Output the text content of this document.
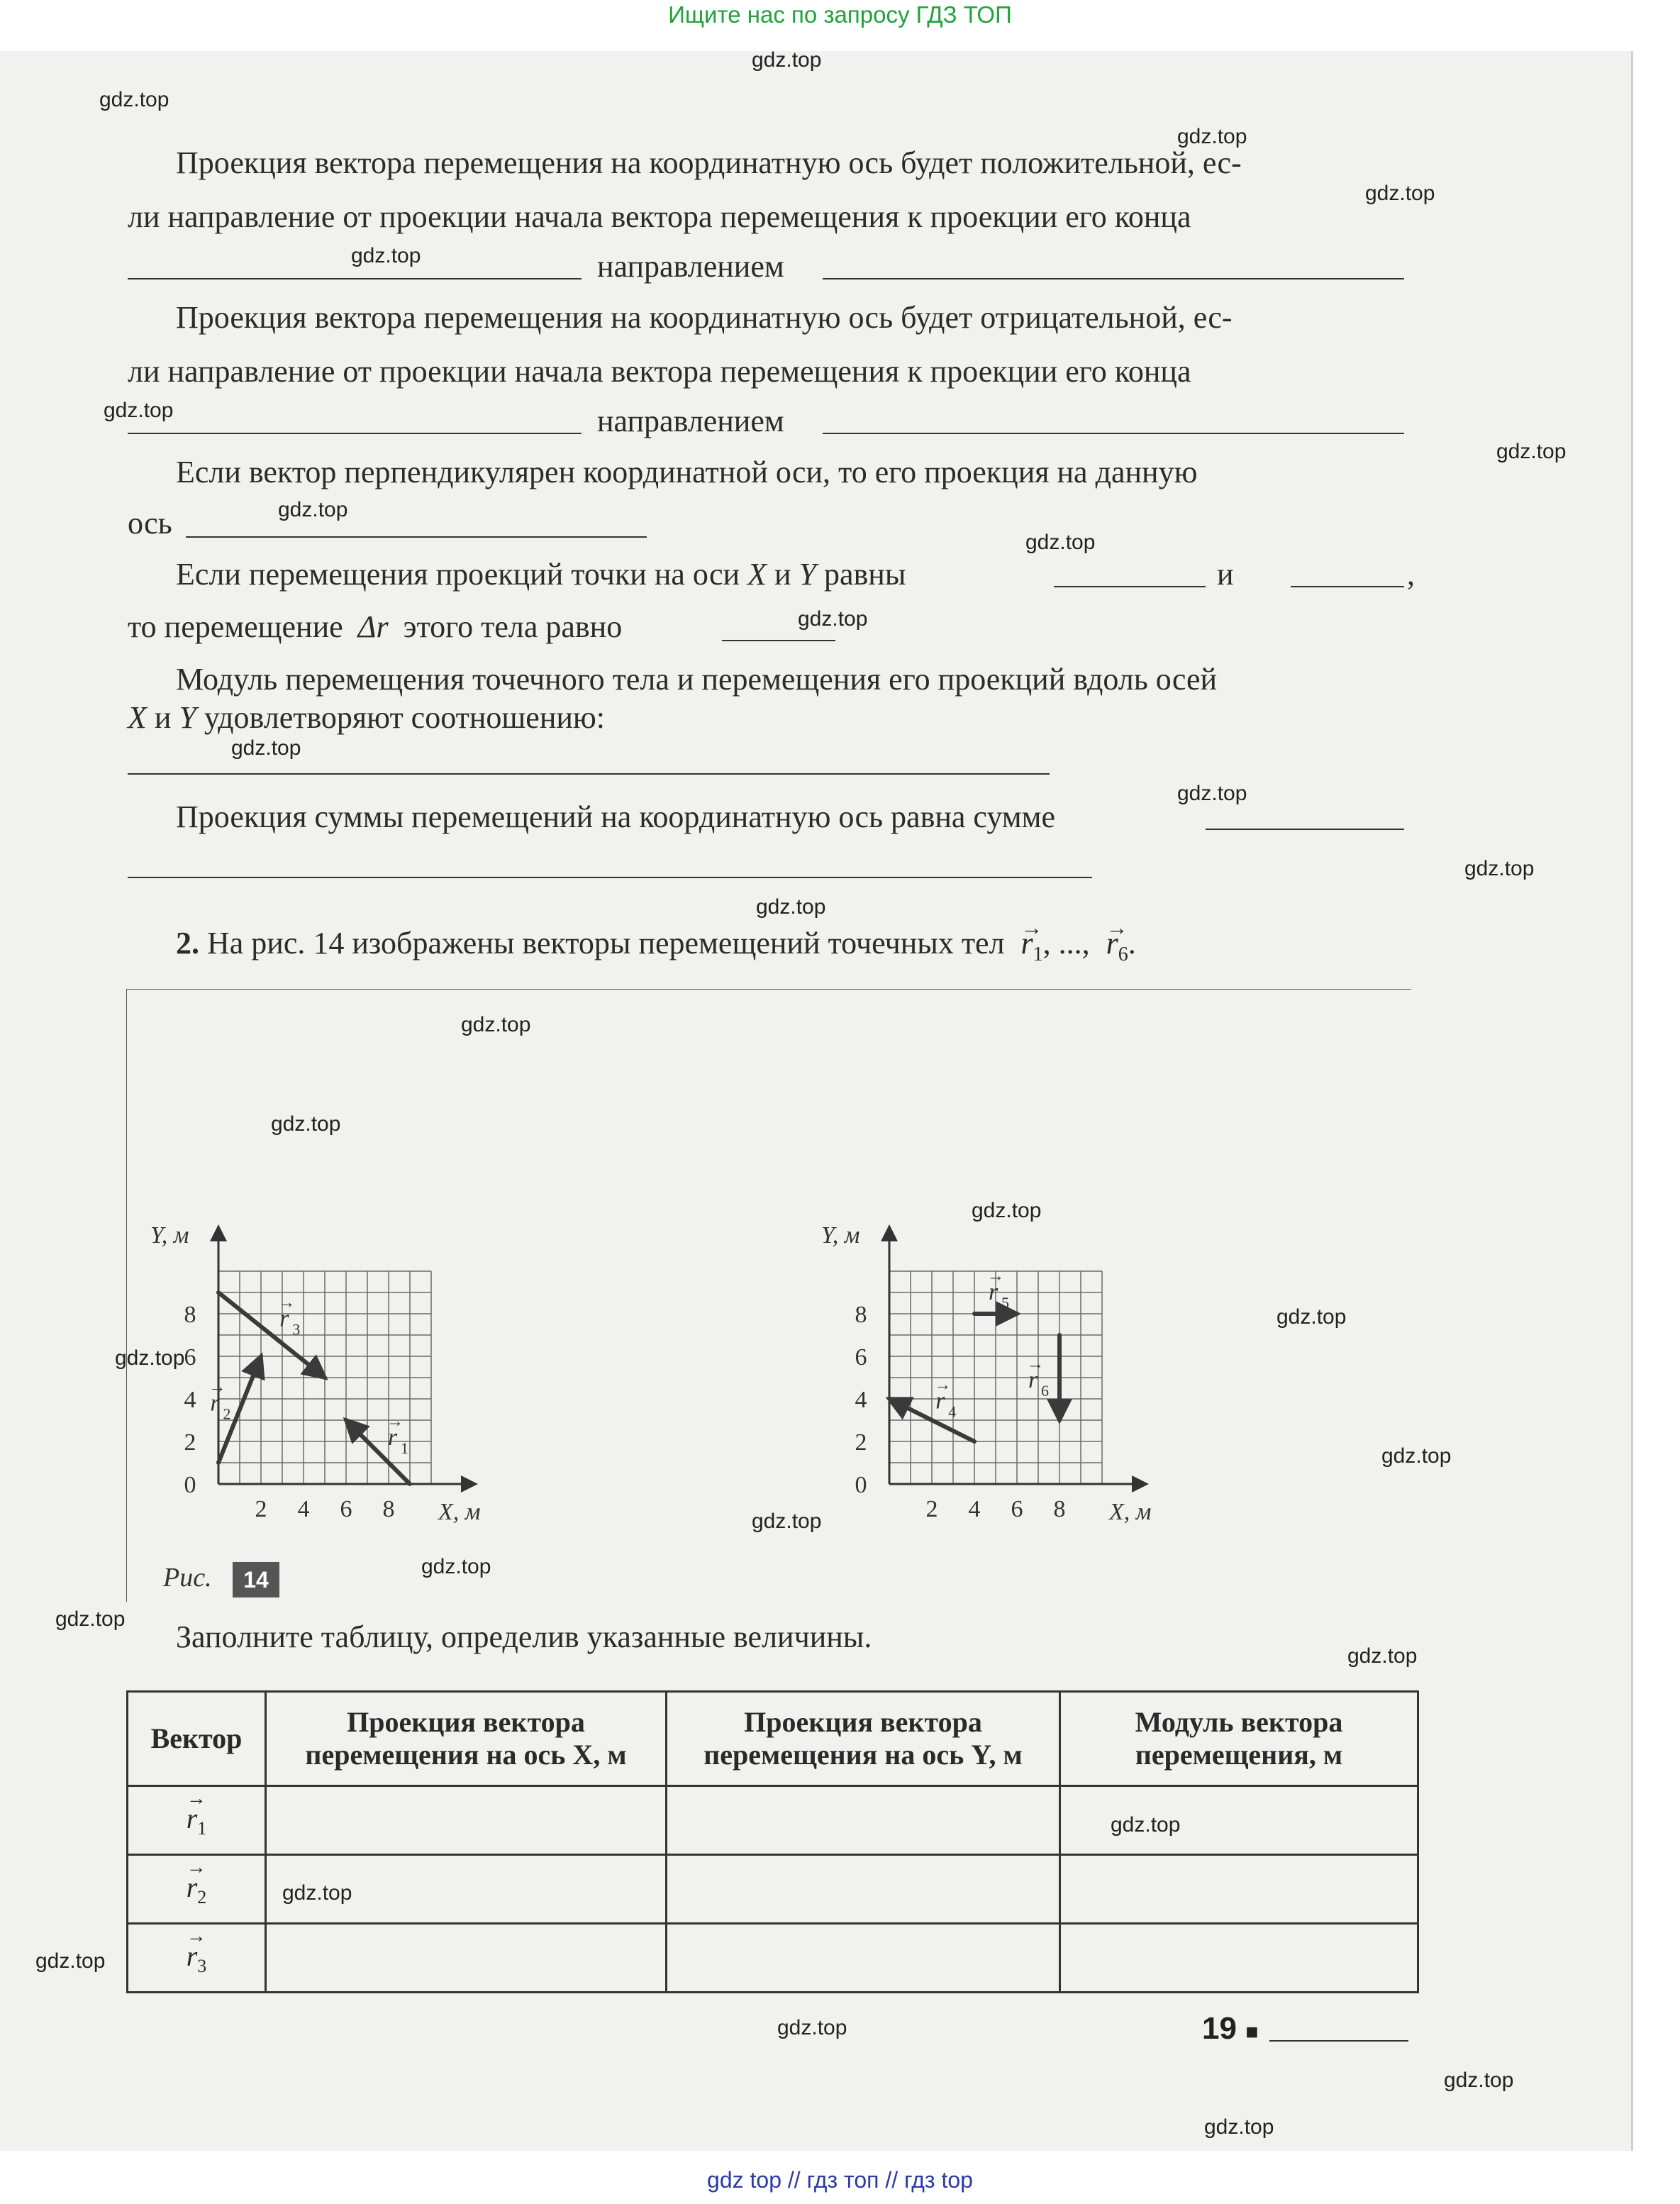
Ищите нас по запросу ГДЗ ТОП
gdz.top
gdz.top
gdz.top
gdz.top
gdz.top
gdz.top
gdz.top
gdz.top
gdz.top
gdz.top
gdz.top
gdz.top
gdz.top
gdz.top
gdz.top
gdz.top
gdz.top
gdz.top
gdz.top
gdz.top
gdz.top
gdz.top
gdz.top
gdz.top
gdz.top
gdz.top
gdz.top
gdz.top
gdz.top
gdz.top
Проекция вектора перемещения на координатную ось будет положительной, ес-
ли направление от проекции начала вектора перемещения к проекции его конца
направлением
Проекция вектора перемещения на координатную ось будет отрицательной, ес-
ли направление от проекции начала вектора перемещения к проекции его конца
направлением
Если вектор перпендикулярен координатной оси, то его проекция на данную
ось
Если перемещения проекций точки на оси X и Y равны	и	,
то перемещение Δr этого тела равно
Модуль перемещения точечного тела и перемещения его проекций вдоль осей
X и Y удовлетворяют соотношению:
Проекция суммы перемещений на координатную ось равна сумме
2. На рис. 14 изображены векторы перемещений точечных тел → $r_1$, ..., → $r_6$.
Y, м
X, м
2 4 6 8
0
2
4
6
8
r 1
→
r 2
→
r 3
→
Y, м
X, м
2 4 6 8
0
2
4
6
8
r 4
→
r 5
→
r 6
→
Рис. 14
Заполните таблицу, определив указанные величины.
Вектор	Проекция вектора перемещения на ось X, м	Проекция вектора перемещения на ось Y, м	Модуль вектора перемещения, м
→ $r_1$			
→ $r_2$			
→ $r_3$			
19 ■
gdz top // гдз топ // гдз top
